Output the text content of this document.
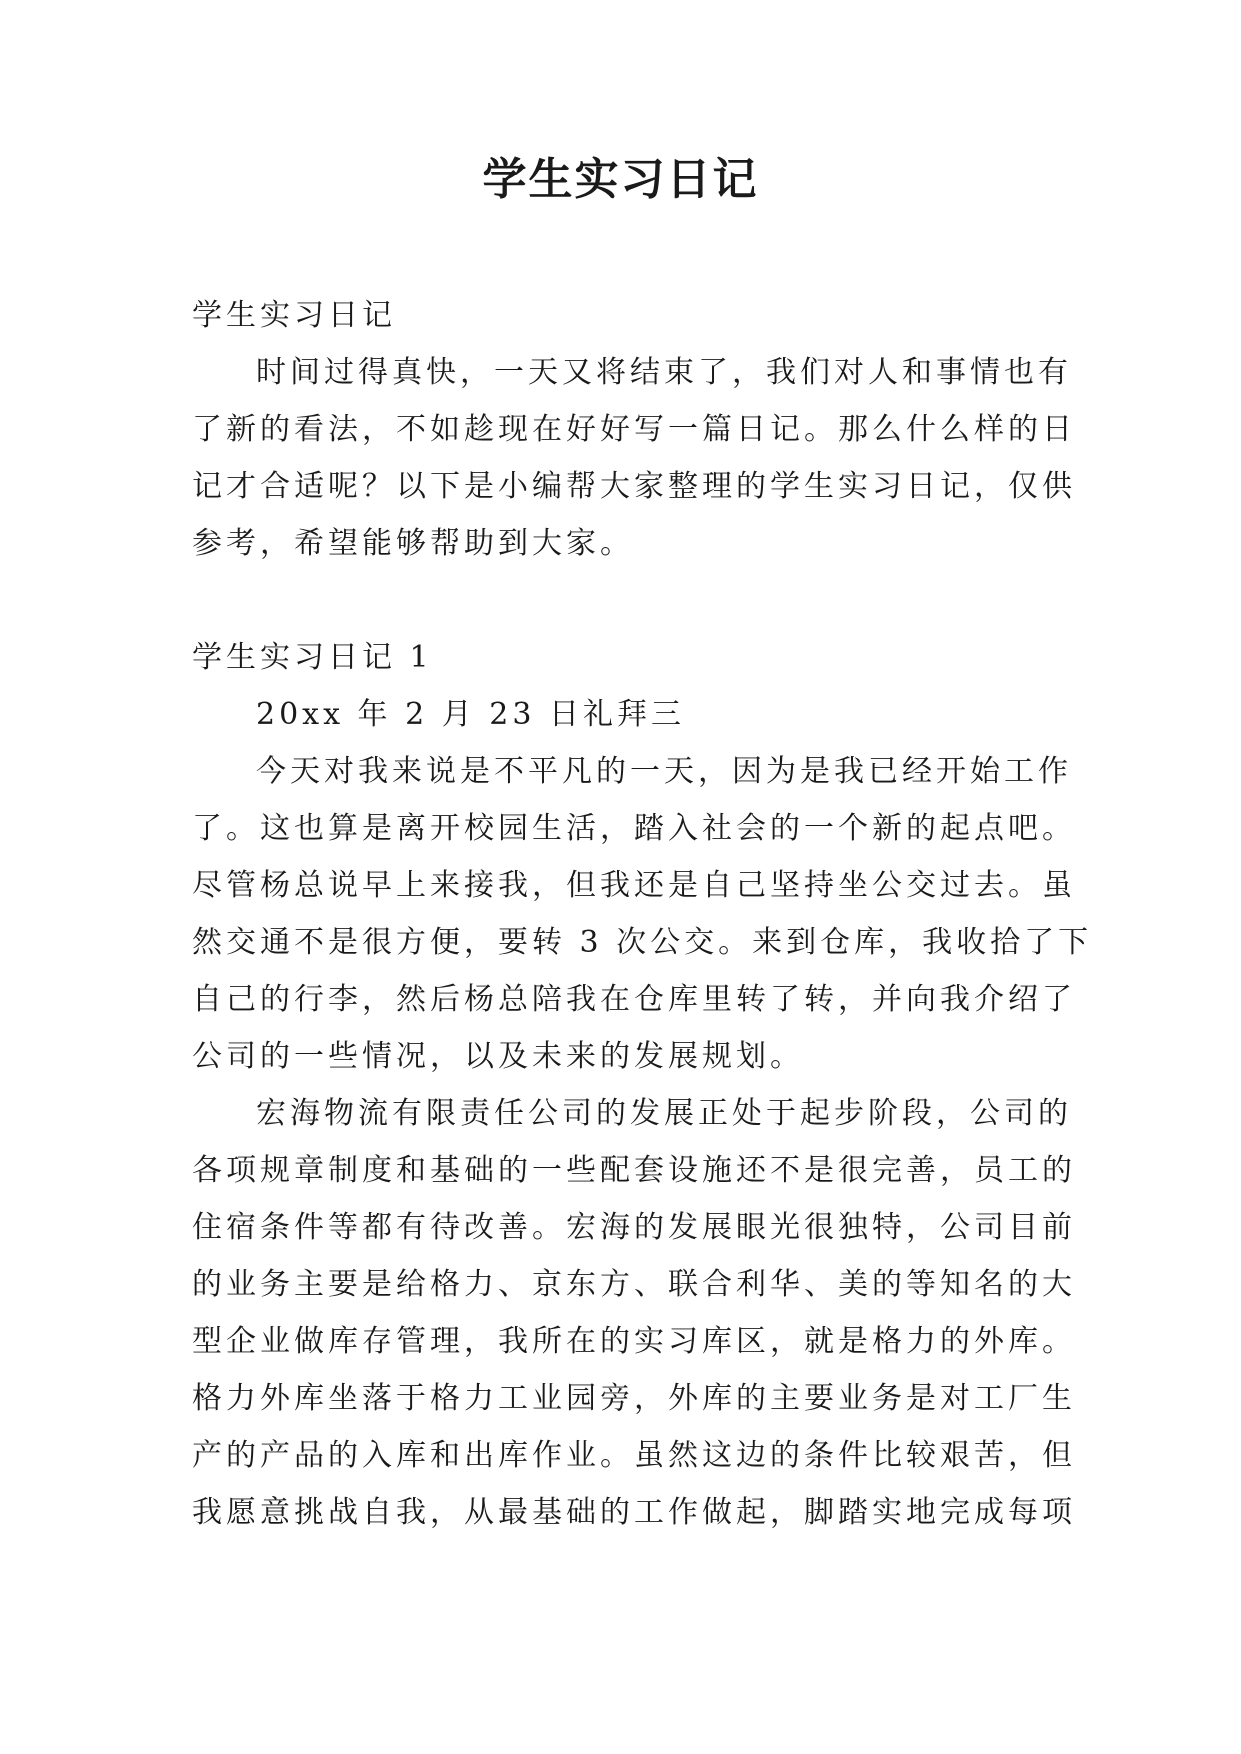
学生实习日记

学生实习日记

时间过得真快，一天又将结束了，我们对人和事情也有
了新的看法，不如趁现在好好写一篇日记。那么什么样的日
记才合适呢？以下是小编帮大家整理的学生实习日记，仅供
参考，希望能够帮助到大家。

学生实习日记 1

20xx 年 2 月 23 日礼拜三

今天对我来说是不平凡的一天，因为是我已经开始工作
了。这也算是离开校园生活，踏入社会的一个新的起点吧。
尽管杨总说早上来接我，但我还是自己坚持坐公交过去。虽
然交通不是很方便，要转 3 次公交。来到仓库，我收拾了下
自己的行李，然后杨总陪我在仓库里转了转，并向我介绍了
公司的一些情况，以及未来的发展规划。

宏海物流有限责任公司的发展正处于起步阶段，公司的
各项规章制度和基础的一些配套设施还不是很完善，员工的
住宿条件等都有待改善。宏海的发展眼光很独特，公司目前
的业务主要是给格力、京东方、联合利华、美的等知名的大
型企业做库存管理，我所在的实习库区，就是格力的外库。
格力外库坐落于格力工业园旁，外库的主要业务是对工厂生
产的产品的入库和出库作业。虽然这边的条件比较艰苦，但
我愿意挑战自我，从最基础的工作做起，脚踏实地完成每项
